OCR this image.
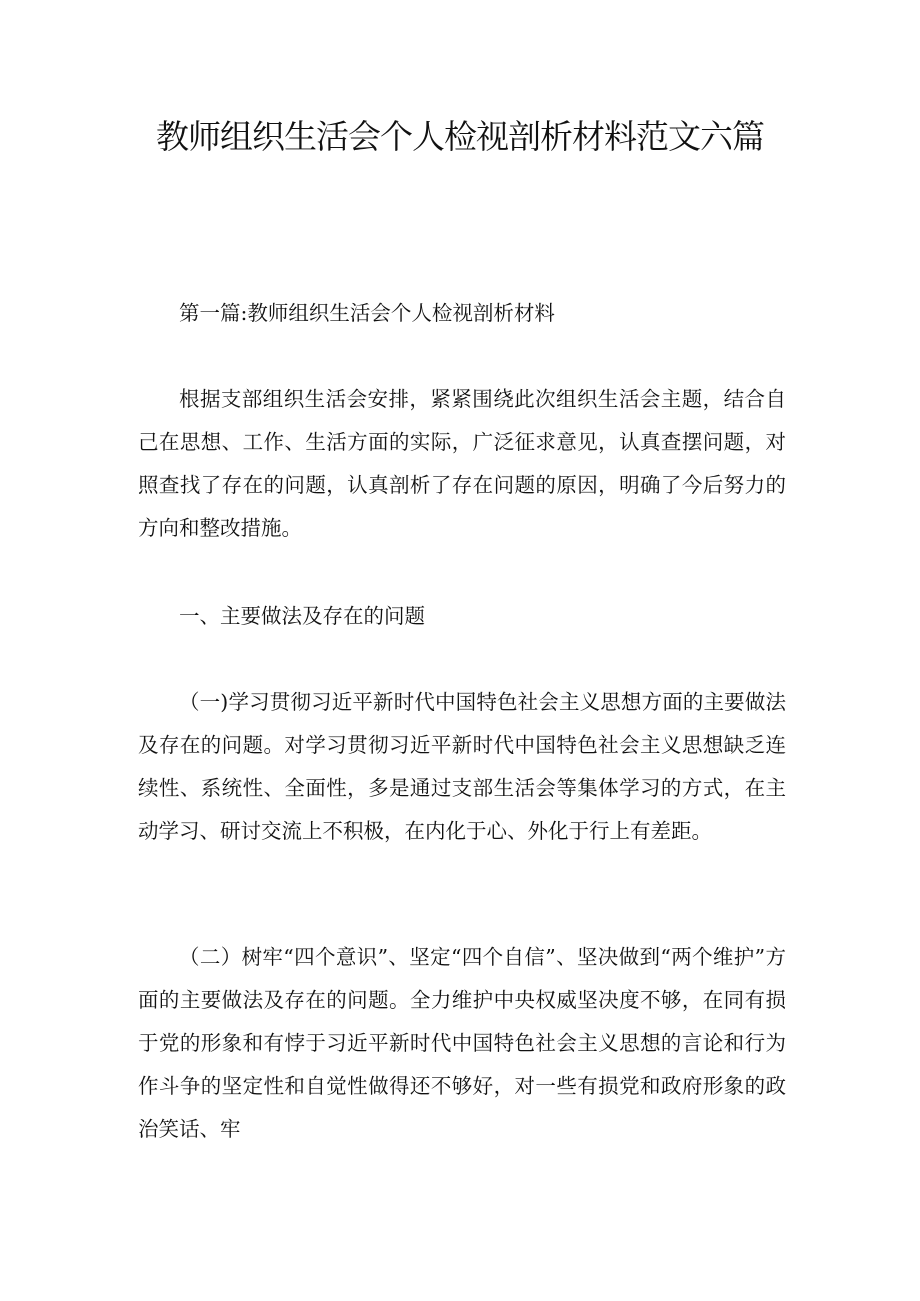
教师组织生活会个人检视剖析材料范文六篇

第一篇:教师组织生活会个人检视剖析材料

根据支部组织生活会安排，紧紧围绕此次组织生活会主题，结合自己在思想、工作、生活方面的实际，广泛征求意见，认真查摆问题，对照查找了存在的问题，认真剖析了存在问题的原因，明确了今后努力的方向和整改措施。

一、主要做法及存在的问题

（一)学习贯彻习近平新时代中国特色社会主义思想方面的主要做法及存在的问题。对学习贯彻习近平新时代中国特色社会主义思想缺乏连续性、系统性、全面性，多是通过支部生活会等集体学习的方式，在主动学习、研讨交流上不积极，在内化于心、外化于行上有差距。

（二）树牢“四个意识”、坚定“四个自信”、坚决做到“两个维护”方面的主要做法及存在的问题。全力维护中央权威坚决度不够，在同有损于党的形象和有悖于习近平新时代中国特色社会主义思想的言论和行为作斗争的坚定性和自觉性做得还不够好，对一些有损党和政府形象的政治笑话、牢
